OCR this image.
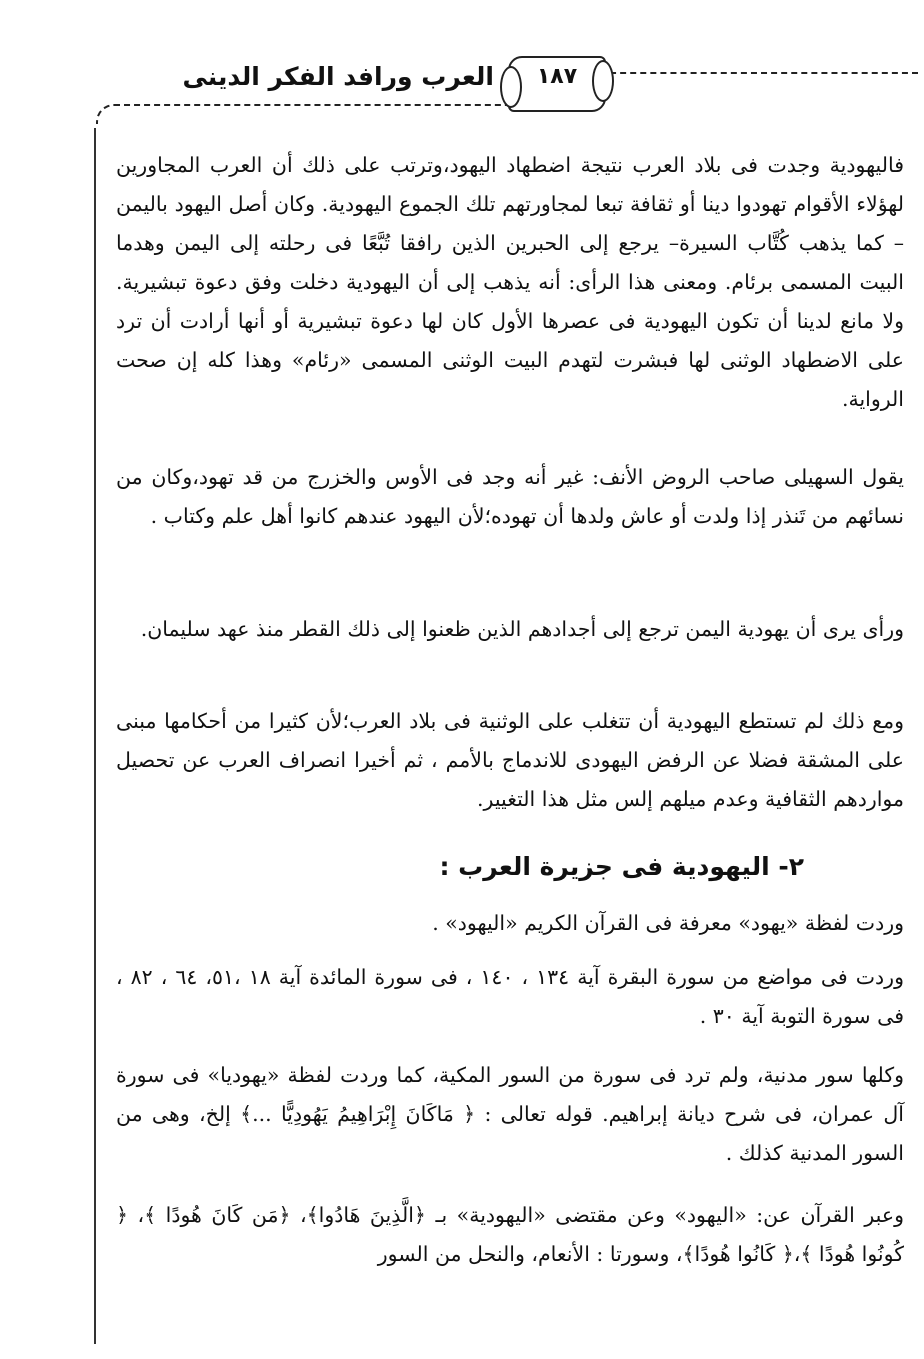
١٨٧
العرب ورافد الفكر الدينى
فاليهودية وجدت فى بلاد العرب نتيجة اضطهاد اليهود،وترتب على ذلك أن العرب المجاورين لهؤلاء الأقوام تهودوا دينا أو ثقافة تبعا لمجاورتهم تلك الجموع اليهودية. وكان أصل اليهود باليمن – كما يذهب كُتَّاب السيرة– يرجع إلى الحبرين الذين رافقا تُبَّعًا فى رحلته إلى اليمن وهدما البيت المسمى برئام. ومعنى هذا الرأى: أنه يذهب إلى أن اليهودية دخلت وفق دعوة تبشيرية. ولا مانع لدينا أن تكون اليهودية فى عصرها الأول كان لها دعوة تبشيرية أو أنها أرادت أن ترد على الاضطهاد الوثنى لها فبشرت لتهدم البيت الوثنى المسمى «رئام» وهذا كله إن صحت الرواية.
يقول السهيلى صاحب الروض الأنف: غير أنه وجد فى الأوس والخزرج من قد تهود،وكان من نسائهم من تَنذر إذا ولدت أو عاش ولدها أن تهوده؛لأن اليهود عندهم كانوا أهل علم وكتاب .
ورأى يرى أن يهودية اليمن ترجع إلى أجدادهم الذين ظعنوا إلى ذلك القطر منذ عهد سليمان.
ومع ذلك لم تستطع اليهودية أن تتغلب على الوثنية فى بلاد العرب؛لأن كثيرا من أحكامها مبنى على المشقة فضلا عن الرفض اليهودى للاندماج بالأمم ، ثم أخيرا انصراف العرب عن تحصيل مواردهم الثقافية وعدم ميلهم إلس مثل هذا التغيير.
٢- اليهودية فى جزيرة العرب :
وردت لفظة «يهود» معرفة فى القرآن الكريم «اليهود» .
وردت فى مواضع من سورة البقرة آية ١٣٤ ، ١٤٠ ، فى سورة المائدة آية ١٨ ،٥١، ٦٤ ، ٨٢ ، فى سورة التوبة آية ٣٠ .
وكلها سور مدنية، ولم ترد فى سورة من السور المكية، كما وردت لفظة «يهوديا» فى سورة آل عمران، فى شرح ديانة إبراهيم. قوله تعالى : ﴿ مَاكَانَ إِبْرَاهِيمُ يَهُودِيًّا ...﴾ إلخ، وهى من السور المدنية كذلك .
وعبر القرآن عن: «اليهود» وعن مقتضى «اليهودية» بـ ﴿الَّذِينَ هَادُوا﴾، ﴿مَن كَانَ هُودًا ﴾، ﴿ كُونُوا هُودًا ﴾،﴿ كَانُوا هُودًا﴾، وسورتا : الأنعام، والنحل من السور
